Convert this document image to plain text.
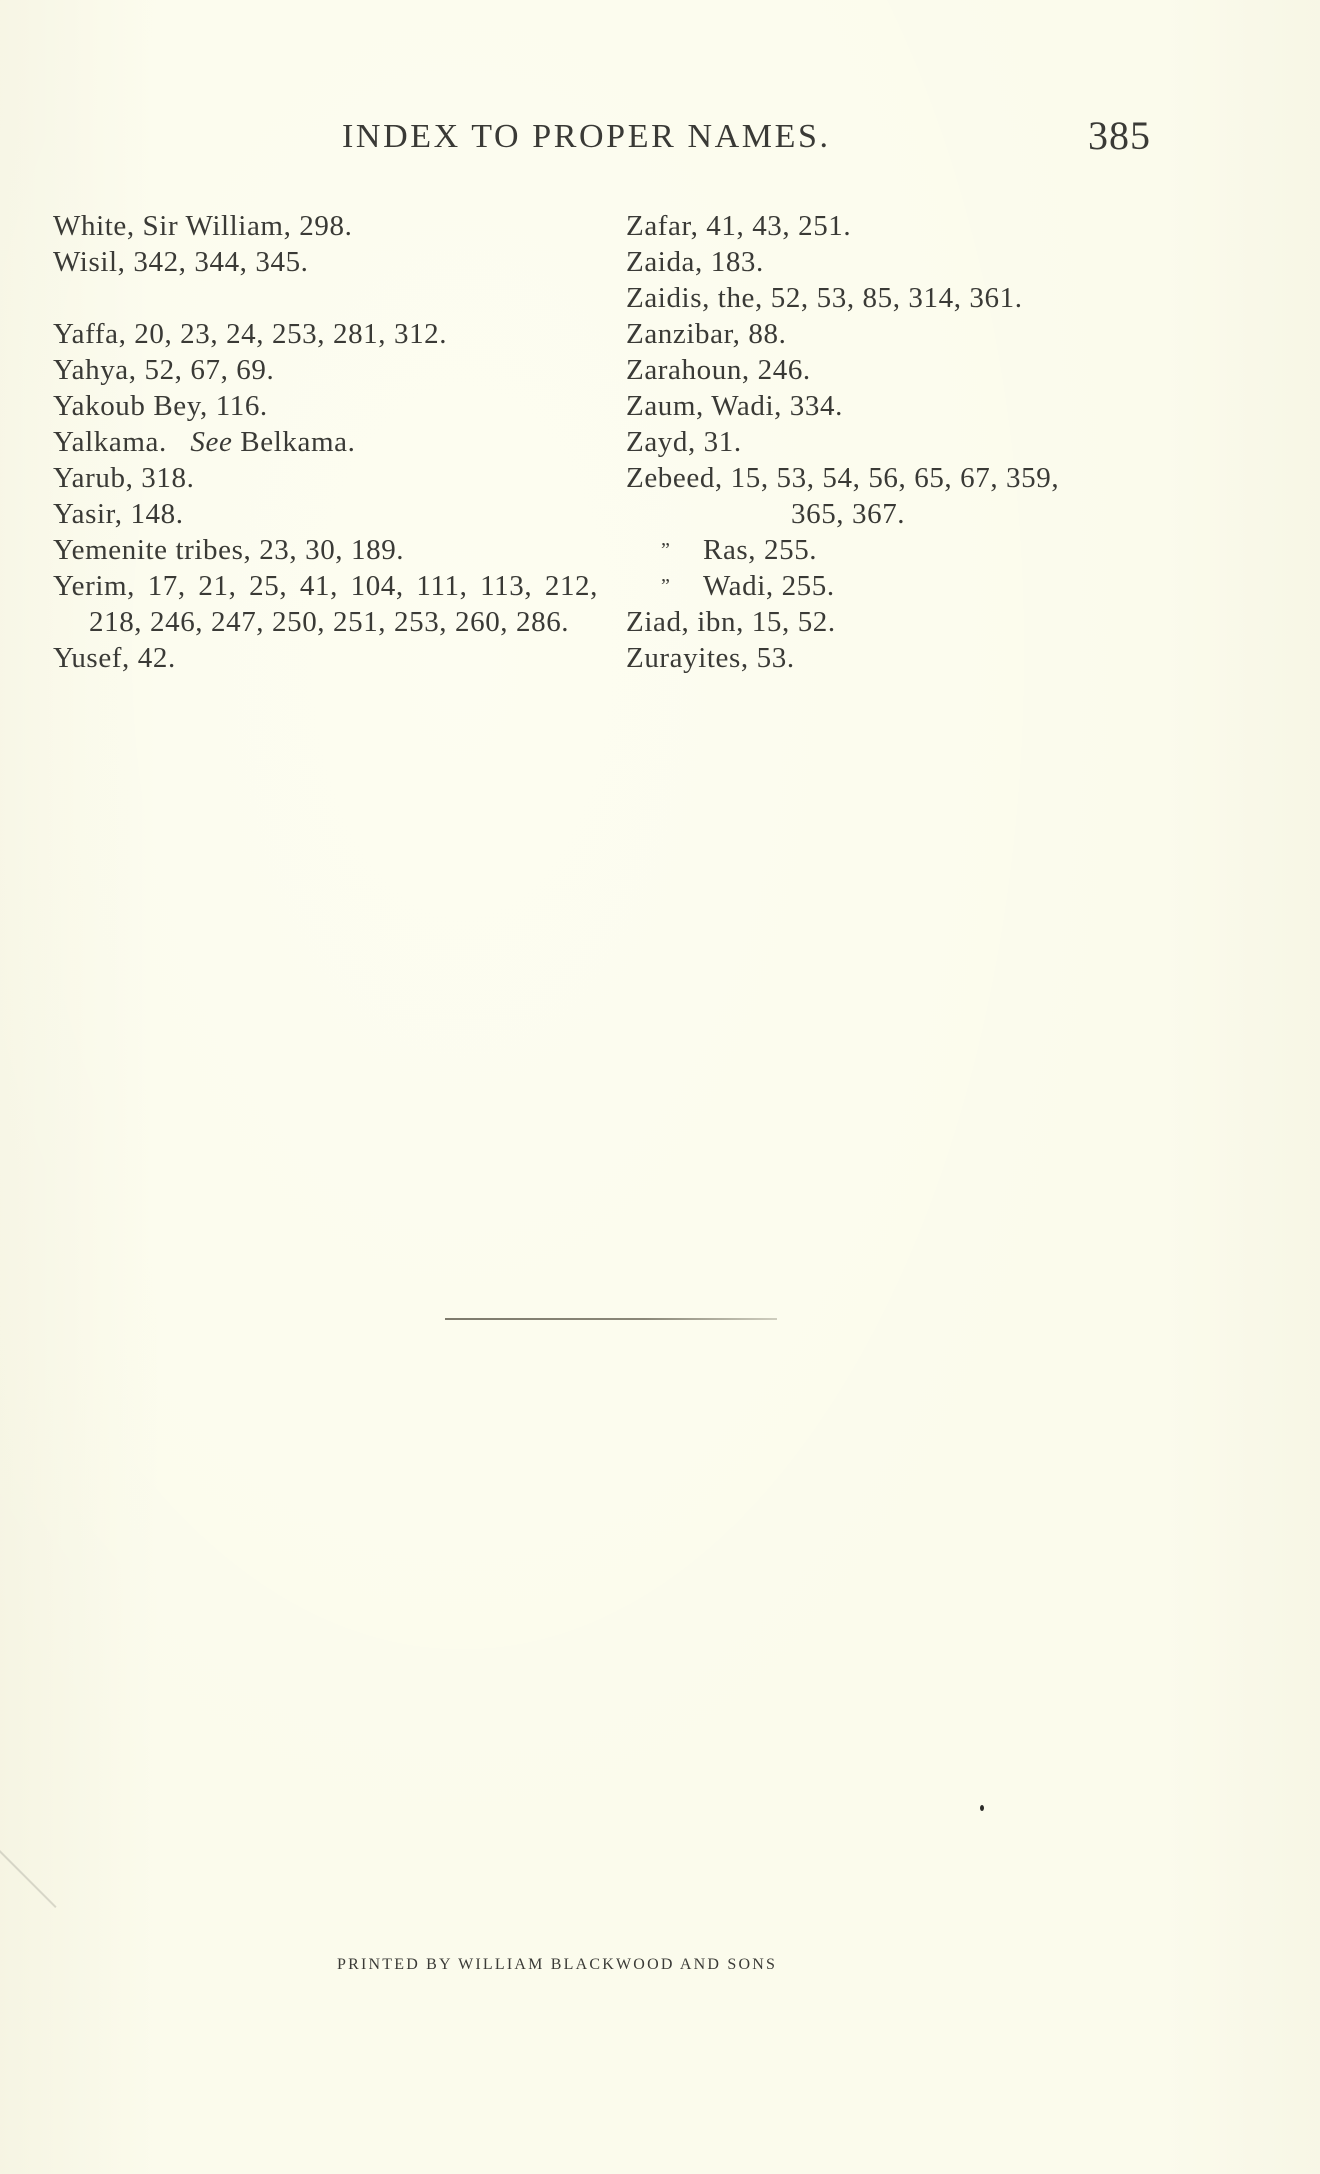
INDEX TO PROPER NAMES.	385

White, Sir William, 298.

Wisil, 342, 344, 345.

Yaffa, 20, 23, 24, 253, 281, 312.

Yahya, 52, 67, 69.

Yakoub Bey, 116.

Yalkama. See Belkama.

Yarub, 318.

Yasir, 148.

Yemenite tribes, 23, 30, 189.

Yerim, 17, 21, 25, 41, 104, 111, 113, 212, 218, 246, 247, 250, 251, 253, 260, 286.

Yusef, 42.

Zafar, 41, 43, 251.

Zaida, 183.

Zaidis, the, 52, 53, 85, 314, 361.

Zanzibar, 88.

Zarahoun, 246.

Zaum, Wadi, 334.

Zayd, 31.

Zebeed, 15, 53, 54, 56, 65, 67, 359,
365, 367.

” Ras, 255.

” Wadi, 255.

Ziad, ibn, 15, 52.

Zurayites, 53.

PRINTED BY WILLIAM BLACKWOOD AND SONS
